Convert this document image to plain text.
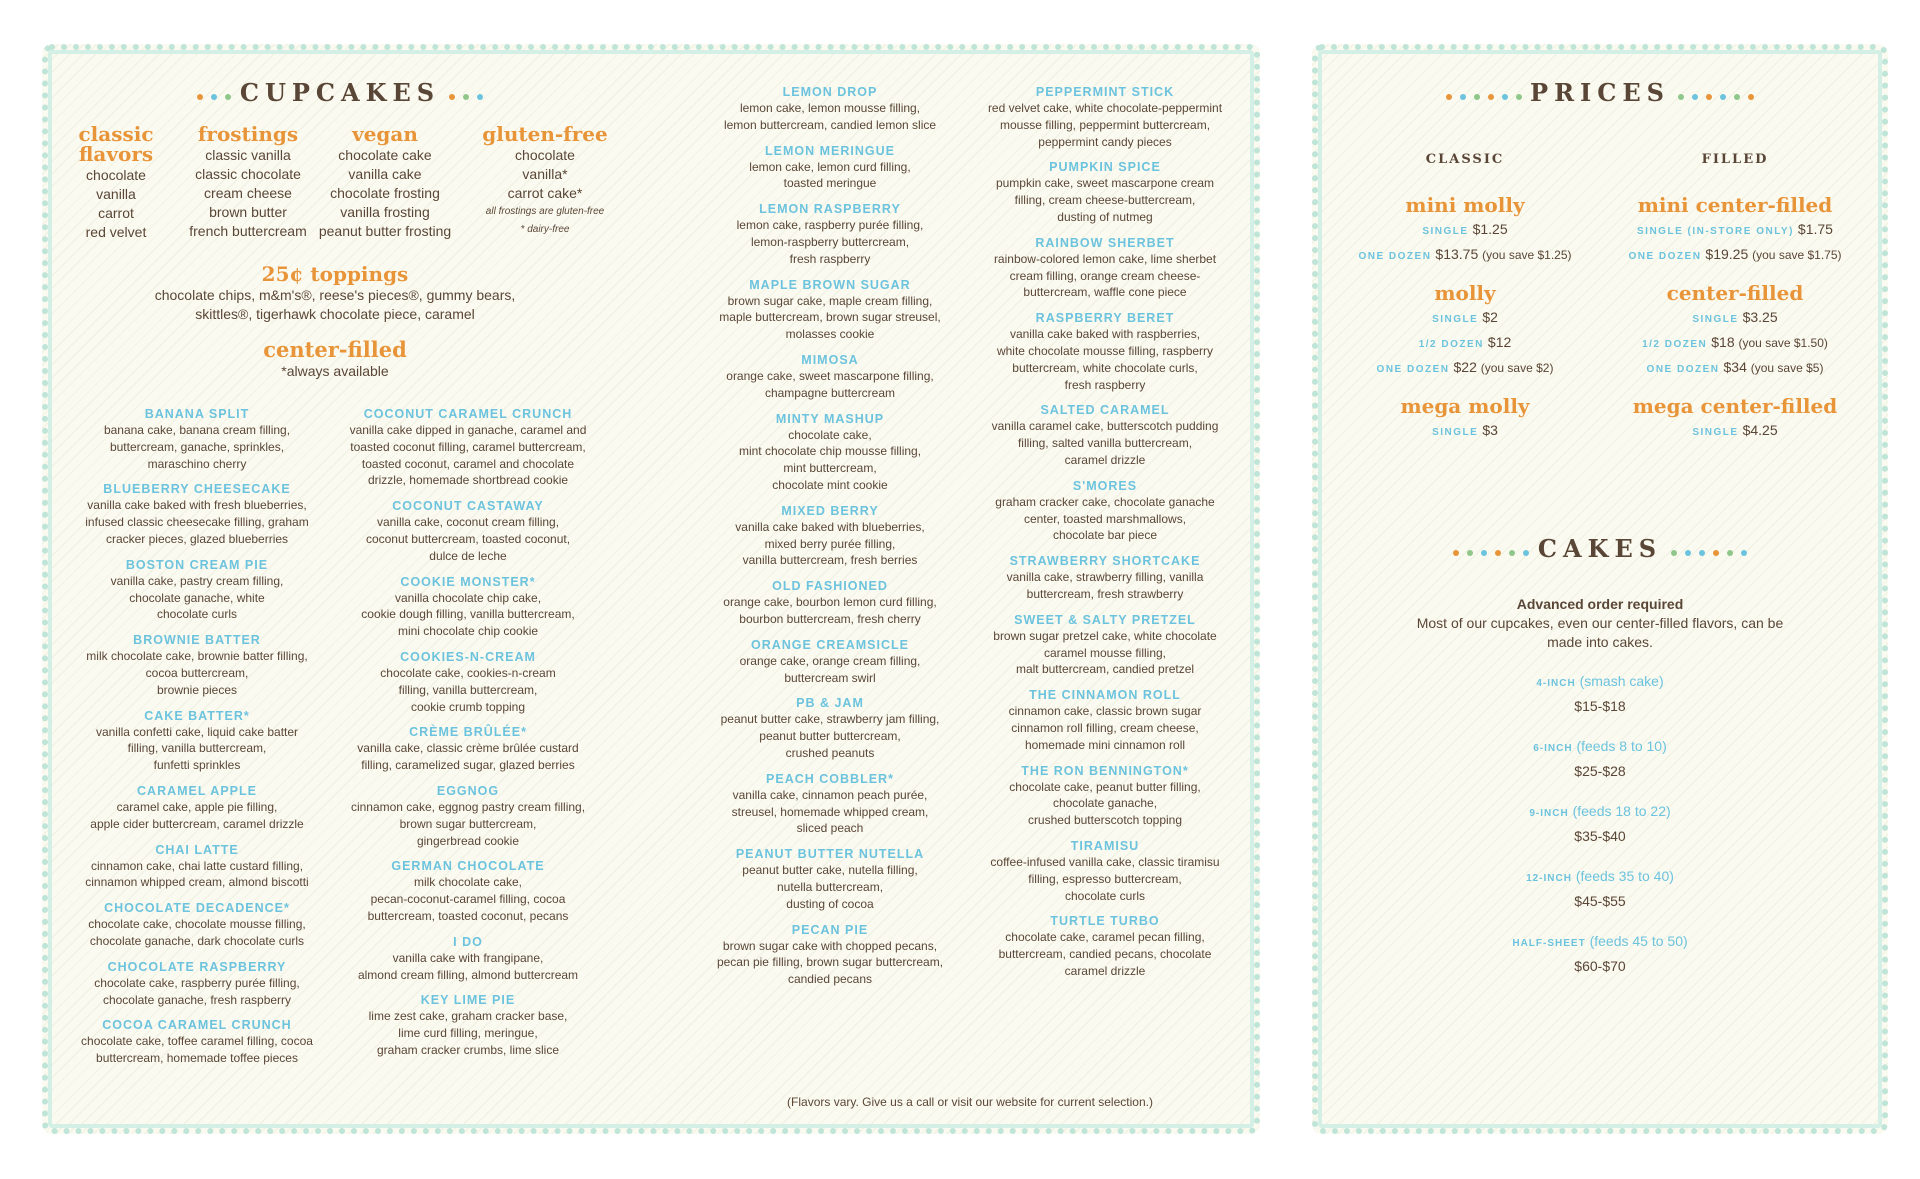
CUPCAKES
classic flavors
chocolate
vanilla
carrot
red velvet
frostings
classic vanilla
classic chocolate
cream cheese
brown butter
french buttercream
vegan
chocolate cake
vanilla cake
chocolate frosting
vanilla frosting
peanut butter frosting
gluten-free
chocolate
vanilla*
carrot cake*
all frostings are gluten-free
* dairy-free
25¢ toppings
chocolate chips, m&m's®, reese's pieces®, gummy bears, skittles®, tigerhawk chocolate piece, caramel
center-filled
*always available
BANANA SPLIT
banana cake, banana cream filling,
buttercream, ganache, sprinkles,
maraschino cherry
BLUEBERRY CHEESECAKE
vanilla cake baked with fresh blueberries,
infused classic cheesecake filling, graham
cracker pieces, glazed blueberries
BOSTON CREAM PIE
vanilla cake, pastry cream filling,
chocolate ganache, white
chocolate curls
BROWNIE BATTER
milk chocolate cake, brownie batter filling,
cocoa buttercream,
brownie pieces
CAKE BATTER*
vanilla confetti cake, liquid cake batter
filling, vanilla buttercream,
funfetti sprinkles
CARAMEL APPLE
caramel cake, apple pie filling,
apple cider buttercream, caramel drizzle
CHAI LATTE
cinnamon cake, chai latte custard filling,
cinnamon whipped cream, almond biscotti
CHOCOLATE DECADENCE*
chocolate cake, chocolate mousse filling,
chocolate ganache, dark chocolate curls
CHOCOLATE RASPBERRY
chocolate cake, raspberry purée filling,
chocolate ganache, fresh raspberry
COCOA CARAMEL CRUNCH
chocolate cake, toffee caramel filling, cocoa
buttercream, homemade toffee pieces
COCONUT CARAMEL CRUNCH
vanilla cake dipped in ganache, caramel and
toasted coconut filling, caramel buttercream,
toasted coconut, caramel and chocolate
drizzle, homemade shortbread cookie
COCONUT CASTAWAY
vanilla cake, coconut cream filling,
coconut buttercream, toasted coconut,
dulce de leche
COOKIE MONSTER*
vanilla chocolate chip cake,
cookie dough filling, vanilla buttercream,
mini chocolate chip cookie
COOKIES-N-CREAM
chocolate cake, cookies-n-cream
filling, vanilla buttercream,
cookie crumb topping
CRÈME BRÛLÉE*
vanilla cake, classic crème brûlée custard
filling, caramelized sugar, glazed berries
EGGNOG
cinnamon cake, eggnog pastry cream filling,
brown sugar buttercream,
gingerbread cookie
GERMAN CHOCOLATE
milk chocolate cake,
pecan-coconut-caramel filling, cocoa
buttercream, toasted coconut, pecans
I DO
vanilla cake with frangipane,
almond cream filling, almond buttercream
KEY LIME PIE
lime zest cake, graham cracker base,
lime curd filling, meringue,
graham cracker crumbs, lime slice
LEMON DROP
lemon cake, lemon mousse filling,
lemon buttercream, candied lemon slice
LEMON MERINGUE
lemon cake, lemon curd filling,
toasted meringue
LEMON RASPBERRY
lemon cake, raspberry purée filling,
lemon-raspberry buttercream,
fresh raspberry
MAPLE BROWN SUGAR
brown sugar cake, maple cream filling,
maple buttercream, brown sugar streusel,
molasses cookie
MIMOSA
orange cake, sweet mascarpone filling,
champagne buttercream
MINTY MASHUP
chocolate cake,
mint chocolate chip mousse filling,
mint buttercream,
chocolate mint cookie
MIXED BERRY
vanilla cake baked with blueberries,
mixed berry purée filling,
vanilla buttercream, fresh berries
OLD FASHIONED
orange cake, bourbon lemon curd filling,
bourbon buttercream, fresh cherry
ORANGE CREAMSICLE
orange cake, orange cream filling,
buttercream swirl
PB & JAM
peanut butter cake, strawberry jam filling,
peanut butter buttercream,
crushed peanuts
PEACH COBBLER*
vanilla cake, cinnamon peach purée,
streusel, homemade whipped cream,
sliced peach
PEANUT BUTTER NUTELLA
peanut butter cake, nutella filling,
nutella buttercream,
dusting of cocoa
PECAN PIE
brown sugar cake with chopped pecans,
pecan pie filling, brown sugar buttercream,
candied pecans
PEPPERMINT STICK
red velvet cake, white chocolate-peppermint
mousse filling, peppermint buttercream,
peppermint candy pieces
PUMPKIN SPICE
pumpkin cake, sweet mascarpone cream
filling, cream cheese-buttercream,
dusting of nutmeg
RAINBOW SHERBET
rainbow-colored lemon cake, lime sherbet
cream filling, orange cream cheese-
buttercream, waffle cone piece
RASPBERRY BERET
vanilla cake baked with raspberries,
white chocolate mousse filling, raspberry
buttercream, white chocolate curls,
fresh raspberry
SALTED CARAMEL
vanilla caramel cake, butterscotch pudding
filling, salted vanilla buttercream,
caramel drizzle
S'MORES
graham cracker cake, chocolate ganache
center, toasted marshmallows,
chocolate bar piece
STRAWBERRY SHORTCAKE
vanilla cake, strawberry filling, vanilla
buttercream, fresh strawberry
SWEET & SALTY PRETZEL
brown sugar pretzel cake, white chocolate
caramel mousse filling,
malt buttercream, candied pretzel
THE CINNAMON ROLL
cinnamon cake, classic brown sugar
cinnamon roll filling, cream cheese,
homemade mini cinnamon roll
THE RON BENNINGTON*
chocolate cake, peanut butter filling,
chocolate ganache,
crushed butterscotch topping
TIRAMISU
coffee-infused vanilla cake, classic tiramisu
filling, espresso buttercream,
chocolate curls
TURTLE TURBO
chocolate cake, caramel pecan filling,
buttercream, candied pecans, chocolate
caramel drizzle
(Flavors vary. Give us a call or visit our website for current selection.)
PRICES
CLASSIC
mini molly
SINGLE $1.25
ONE DOZEN $13.75 (you save $1.25)
molly
SINGLE $2
1/2 DOZEN $12
ONE DOZEN $22 (you save $2)
mega molly
SINGLE $3
FILLED
mini center-filled
SINGLE (IN-STORE ONLY) $1.75
ONE DOZEN $19.25 (you save $1.75)
center-filled
SINGLE $3.25
1/2 DOZEN $18 (you save $1.50)
ONE DOZEN $34 (you save $5)
mega center-filled
SINGLE $4.25
CAKES
Advanced order required
Most of our cupcakes, even our center-filled flavors, can be made into cakes.
4-INCH (smash cake)
$15-$18
6-INCH (feeds 8 to 10)
$25-$28
9-INCH (feeds 18 to 22)
$35-$40
12-INCH (feeds 35 to 40)
$45-$55
HALF-SHEET (feeds 45 to 50)
$60-$70
